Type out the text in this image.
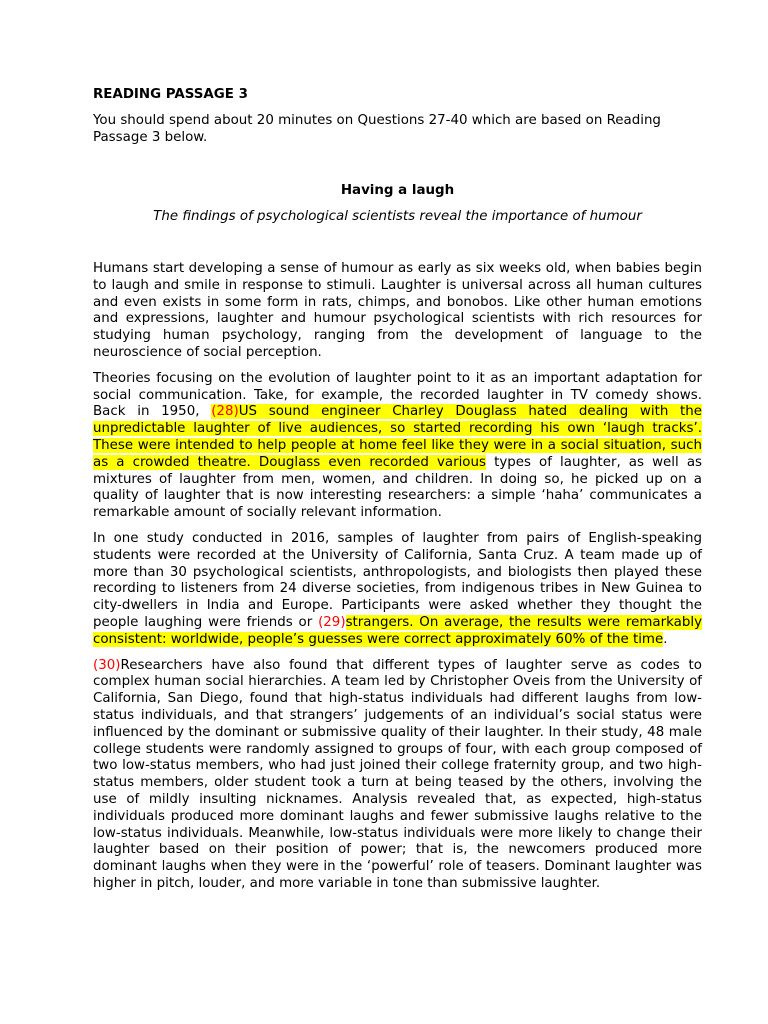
READING PASSAGE 3

You should spend about 20 minutes on Questions 27-40 which are based on Reading Passage 3 below.

Having a laugh

The findings of psychological scientists reveal the importance of humour

Humans start developing a sense of humour as early as six weeks old, when babies begin to laugh and smile in response to stimuli. Laughter is universal across all human cultures and even exists in some form in rats, chimps, and bonobos. Like other human emotions and expressions, laughter and humour psychological scientists with rich resources for studying human psychology, ranging from the development of language to the neuroscience of social perception.

Theories focusing on the evolution of laughter point to it as an important adaptation for social communication. Take, for example, the recorded laughter in TV comedy shows. Back in 1950, (28)US sound engineer Charley Douglass hated dealing with the unpredictable laughter of live audiences, so started recording his own ‘laugh tracks’. These were intended to help people at home feel like they were in a social situation, such as a crowded theatre. Douglass even recorded various types of laughter, as well as mixtures of laughter from men, women, and children. In doing so, he picked up on a quality of laughter that is now interesting researchers: a simple ‘haha’ communicates a remarkable amount of socially relevant information.

In one study conducted in 2016, samples of laughter from pairs of English-speaking students were recorded at the University of California, Santa Cruz. A team made up of more than 30 psychological scientists, anthropologists, and biologists then played these recording to listeners from 24 diverse societies, from indigenous tribes in New Guinea to city-dwellers in India and Europe. Participants were asked whether they thought the people laughing were friends or (29)strangers. On average, the results were remarkably consistent: worldwide, people’s guesses were correct approximately 60% of the time.

(30)Researchers have also found that different types of laughter serve as codes to complex human social hierarchies. A team led by Christopher Oveis from the University of California, San Diego, found that high-status individuals had different laughs from low-status individuals, and that strangers’ judgements of an individual’s social status were influenced by the dominant or submissive quality of their laughter. In their study, 48 male college students were randomly assigned to groups of four, with each group composed of two low-status members, who had just joined their college fraternity group, and two high-status members, older student took a turn at being teased by the others, involving the use of mildly insulting nicknames. Analysis revealed that, as expected, high-status individuals produced more dominant laughs and fewer submissive laughs relative to the low-status individuals. Meanwhile, low-status individuals were more likely to change their laughter based on their position of power; that is, the newcomers produced more dominant laughs when they were in the ‘powerful’ role of teasers. Dominant laughter was higher in pitch, louder, and more variable in tone than submissive laughter.
